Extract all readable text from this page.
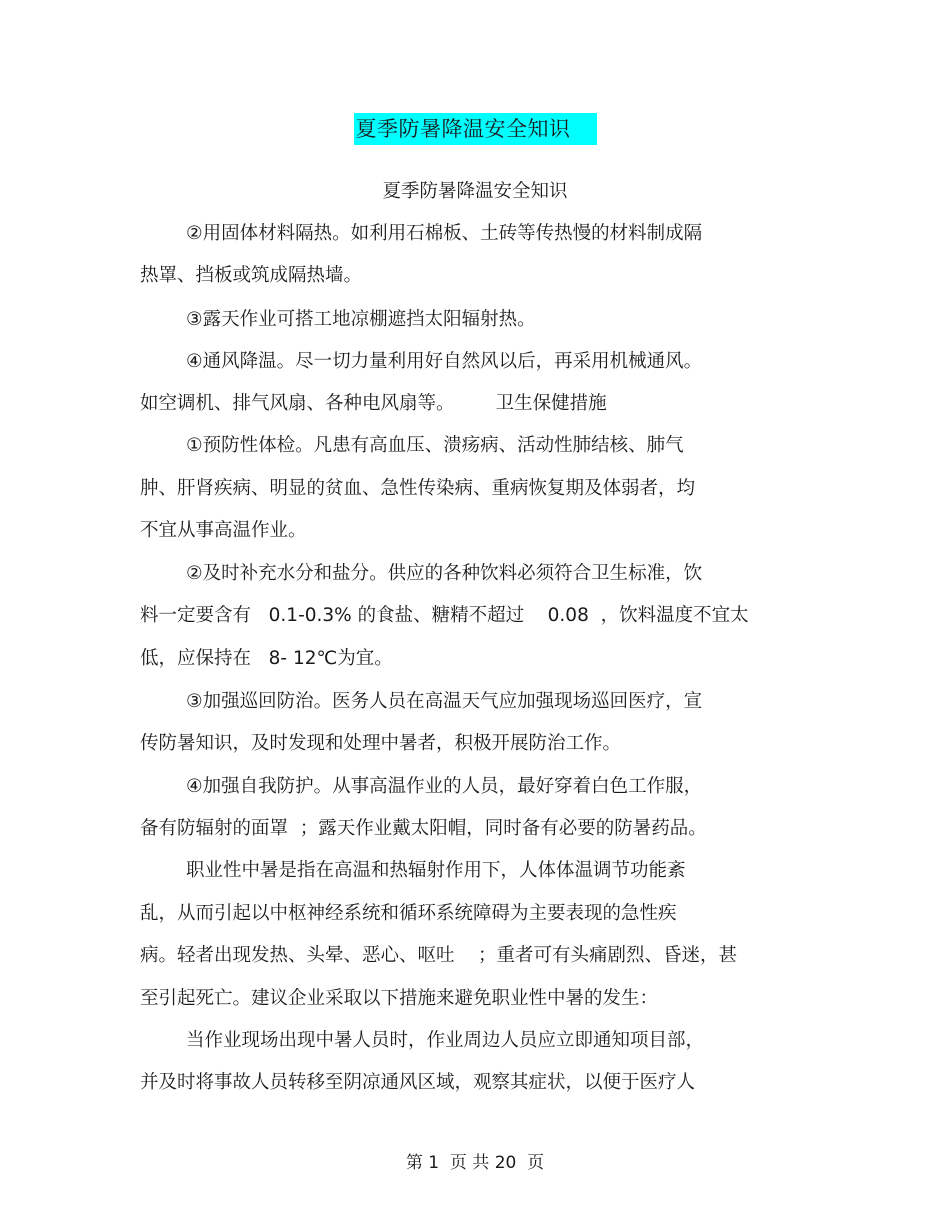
夏季防暑降温安全知识
夏季防暑降温安全知识
②用固体材料隔热。如利用石棉板、土砖等传热慢的材料制成隔
热罩、挡板或筑成隔热墙。
③露天作业可搭工地凉棚遮挡太阳辐射热。
④通风降温。尽一切力量利用好自然风以后，再采用机械通风。
如空调机、排气风扇、各种电风扇等。       卫生保健措施
①预防性体检。凡患有高血压、溃疡病、活动性肺结核、肺气
肿、肝肾疾病、明显的贫血、急性传染病、重病恢复期及体弱者，均
不宜从事高温作业。
②及时补充水分和盐分。供应的各种饮料必须符合卫生标准，饮
料一定要含有   0.1-0.3% 的食盐、糖精不超过    0.08  ，饮料温度不宜太
低，应保持在   8- 12℃为宜。
③加强巡回防治。医务人员在高温天气应加强现场巡回医疗，宣
传防暑知识，及时发现和处理中暑者，积极开展防治工作。
④加强自我防护。从事高温作业的人员，最好穿着白色工作服，
备有防辐射的面罩  ；露天作业戴太阳帽，同时备有必要的防暑药品。
职业性中暑是指在高温和热辐射作用下，人体体温调节功能紊
乱，从而引起以中枢神经系统和循环系统障碍为主要表现的急性疾
病。轻者出现发热、头晕、恶心、呕吐    ；重者可有头痛剧烈、昏迷，甚
至引起死亡。建议企业采取以下措施来避免职业性中暑的发生：
当作业现场出现中暑人员时，作业周边人员应立即通知项目部，
并及时将事故人员转移至阴凉通风区域，观察其症状，以便于医疗人
第 1  页 共 20  页
